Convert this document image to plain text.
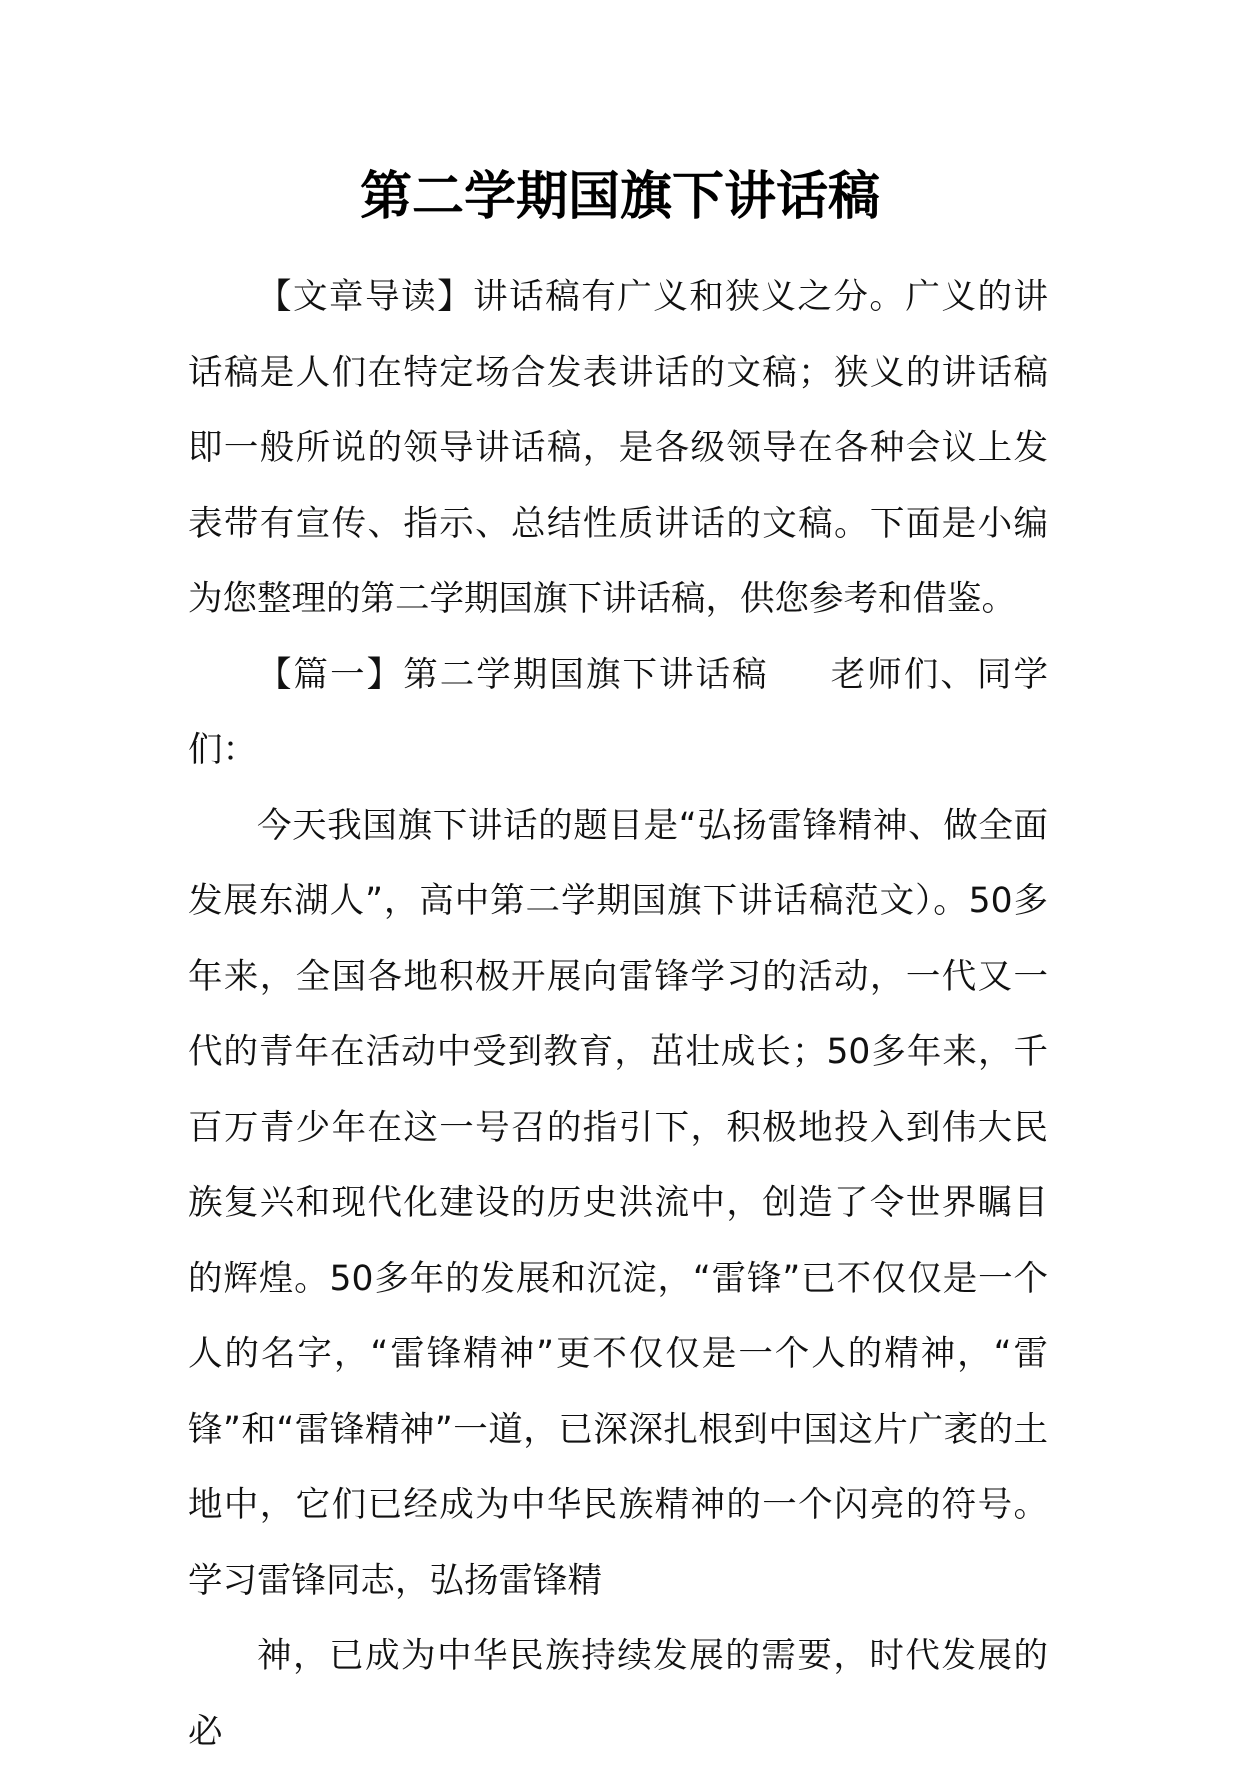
第二学期国旗下讲话稿

【文章导读】讲话稿有广义和狭义之分。广义的讲话稿是人们在特定场合发表讲话的文稿；狭义的讲话稿即一般所说的领导讲话稿，是各级领导在各种会议上发表带有宣传、指示、总结性质讲话的文稿。下面是小编为您整理的第二学期国旗下讲话稿，供您参考和借鉴。

【篇一】第二学期国旗下讲话稿 老师们、同学们：

今天我国旗下讲话的题目是“弘扬雷锋精神、做全面发展东湖人”，高中第二学期国旗下讲话稿范文）。50多年来，全国各地积极开展向雷锋学习的活动，一代又一代的青年在活动中受到教育，茁壮成长；50多年来，千百万青少年在这一号召的指引下，积极地投入到伟大民族复兴和现代化建设的历史洪流中，创造了令世界瞩目的辉煌。50多年的发展和沉淀，“雷锋”已不仅仅是一个人的名字，“雷锋精神”更不仅仅是一个人的精神，“雷锋”和“雷锋精神”一道，已深深扎根到中国这片广袤的土地中，它们已经成为中华民族精神的一个闪亮的符号。学习雷锋同志，弘扬雷锋精

神，已成为中华民族持续发展的需要，时代发展的必
